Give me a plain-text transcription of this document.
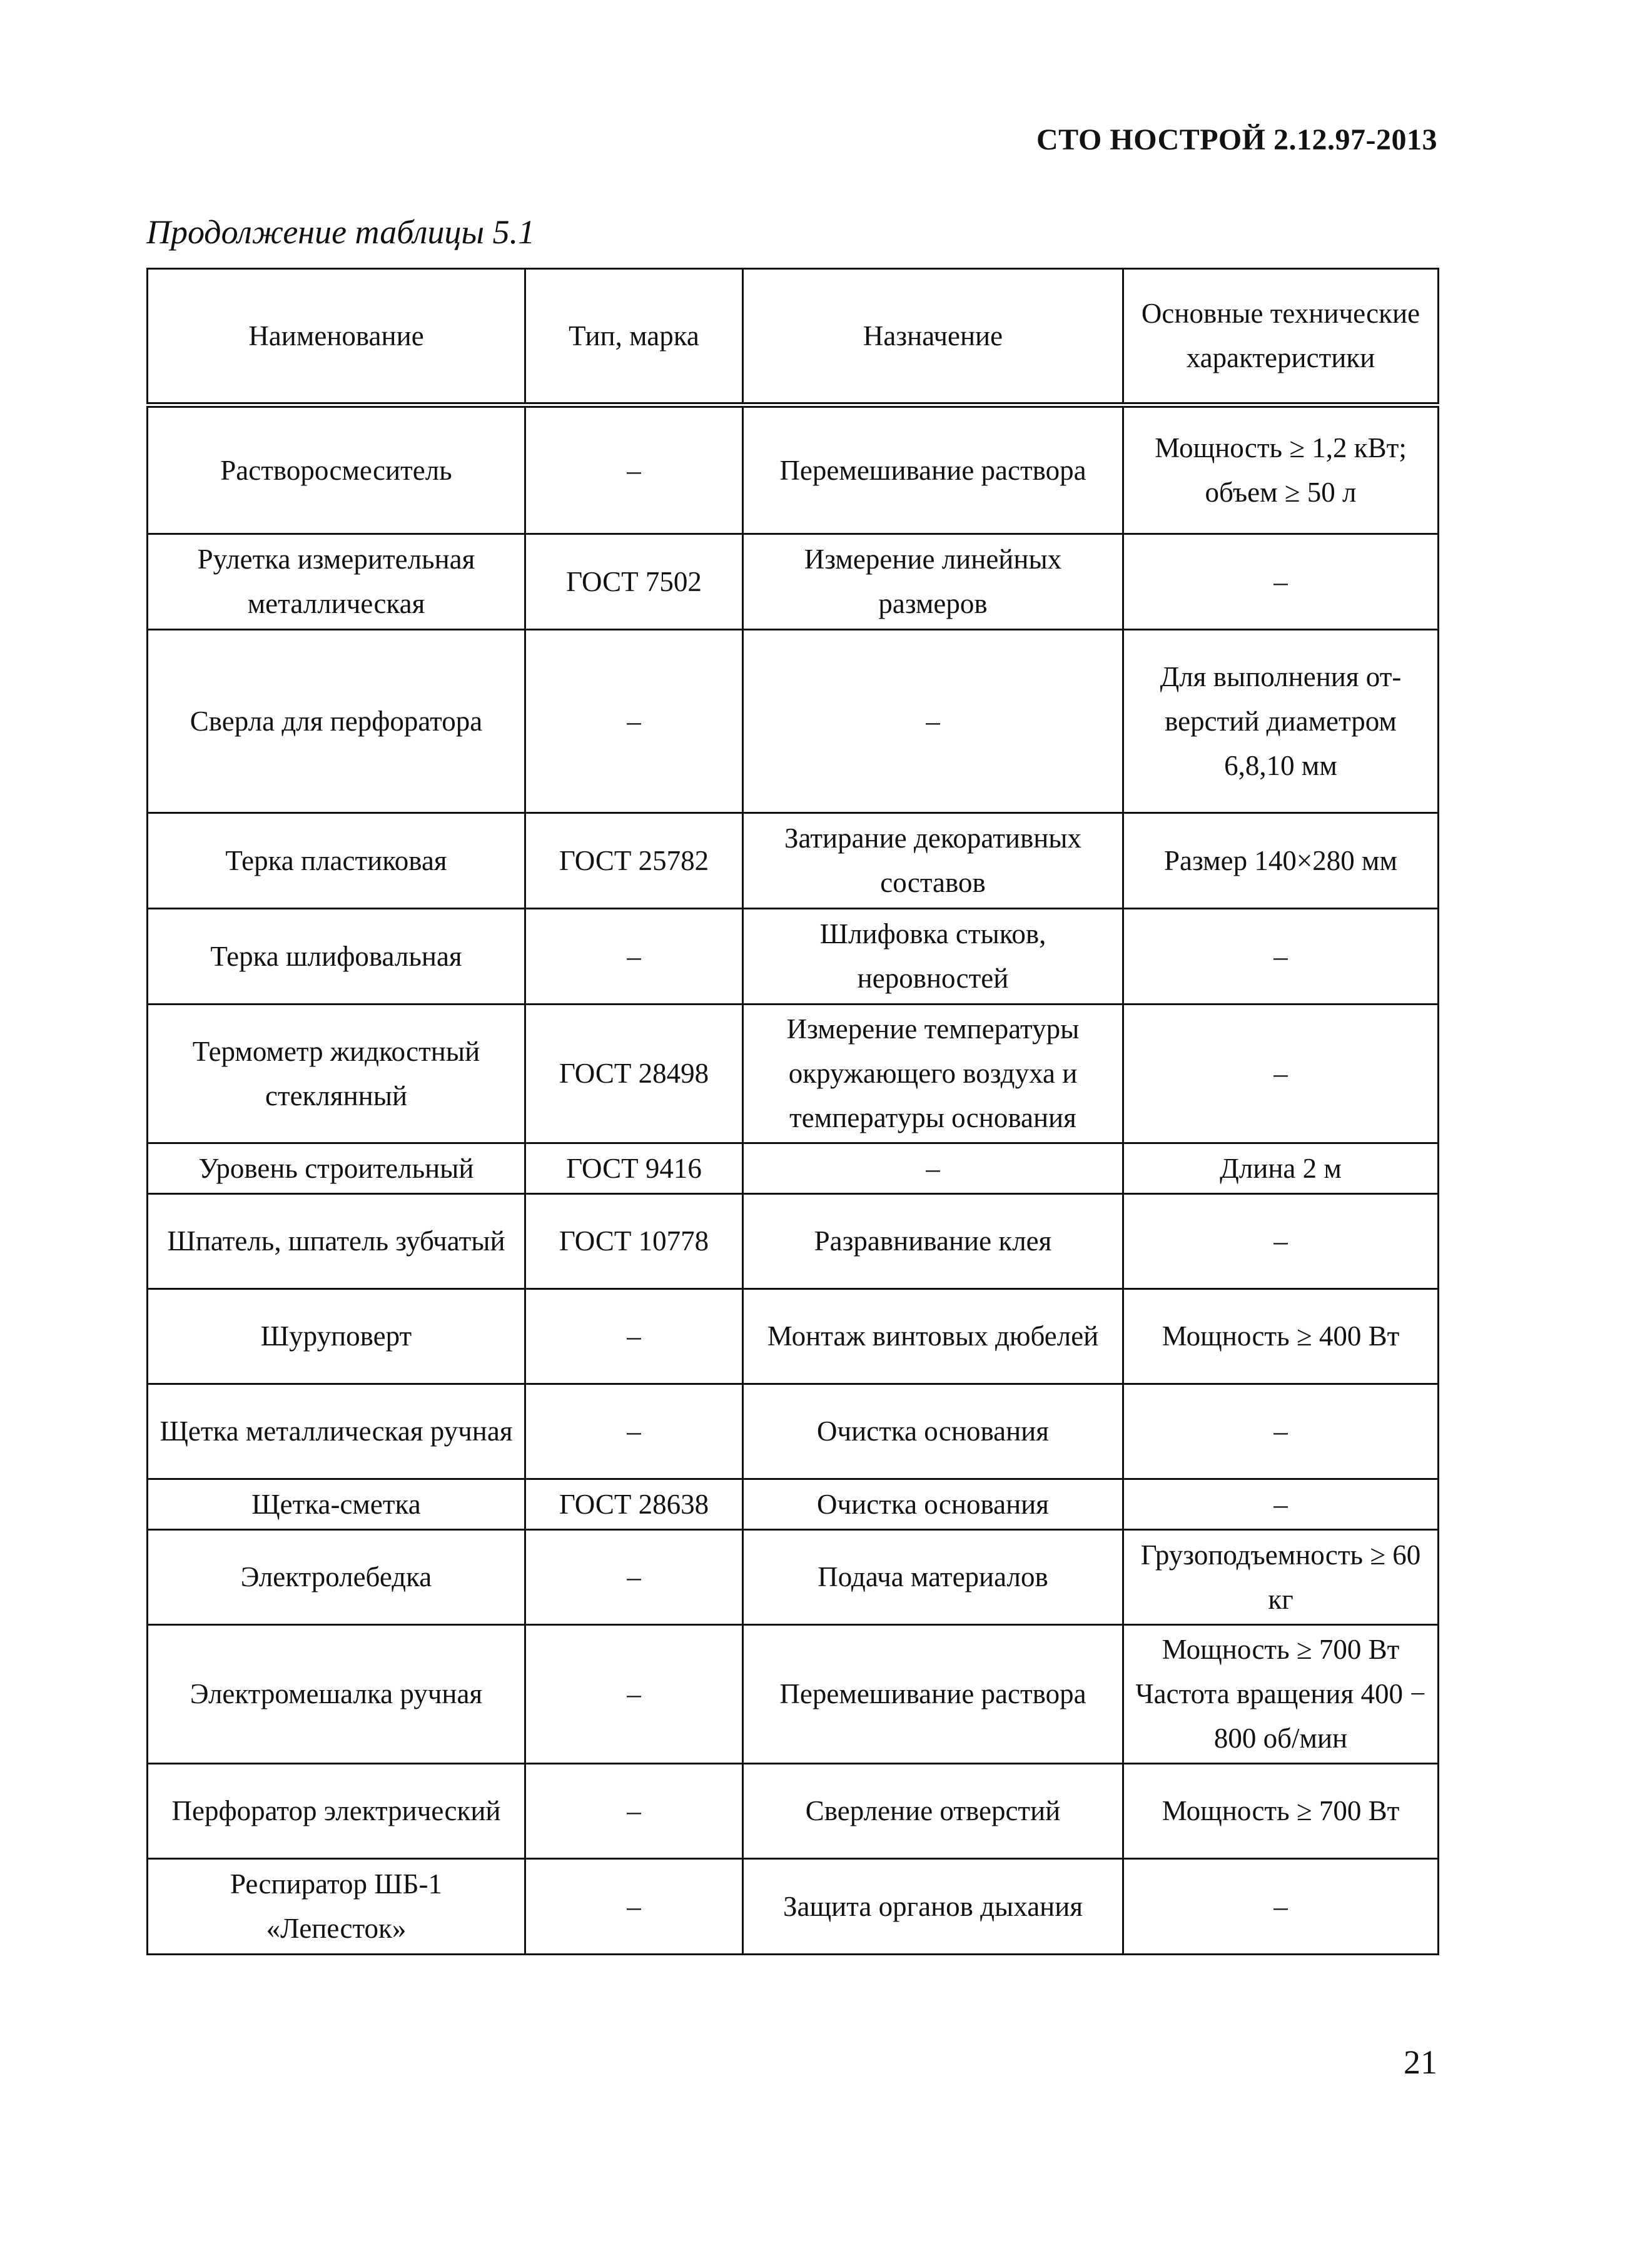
СТО НОСТРОЙ 2.12.97-2013
Продолжение таблицы 5.1
Наименование	Тип, марка	Назначение	Основные технические характеристики
Растворосмеситель	–	Перемешивание раствора	Мощность ≥ 1,2 кВт; объем ≥ 50 л
Рулетка измерительная металлическая	ГОСТ 7502	Измерение линейных размеров	–
Сверла для перфоратора	–	–	Для выполнения от-верстий диаметром 6,8,10 мм
Терка пластиковая	ГОСТ 25782	Затирание декоративных составов	Размер 140×280 мм
Терка шлифовальная	–	Шлифовка стыков, неровностей	–
Термометр жидкостный стеклянный	ГОСТ 28498	Измерение температуры окружающего воздуха и температуры основания	–
Уровень строительный	ГОСТ 9416	–	Длина 2 м
Шпатель, шпатель зубчатый	ГОСТ 10778	Разравнивание клея	–
Шуруповерт	–	Монтаж винтовых дюбелей	Мощность ≥ 400 Вт
Щетка металлическая ручная	–	Очистка основания	–
Щетка-сметка	ГОСТ 28638	Очистка основания	–
Электролебедка	–	Подача материалов	Грузоподъемность ≥ 60 кг
Электромешалка ручная	–	Перемешивание раствора	Мощность ≥ 700 Вт Частота вращения 400 − 800 об/мин
Перфоратор электрический	–	Сверление отверстий	Мощность ≥ 700 Вт
Респиратор ШБ-1 «Лепесток»	–	Защита органов дыхания	–
21
